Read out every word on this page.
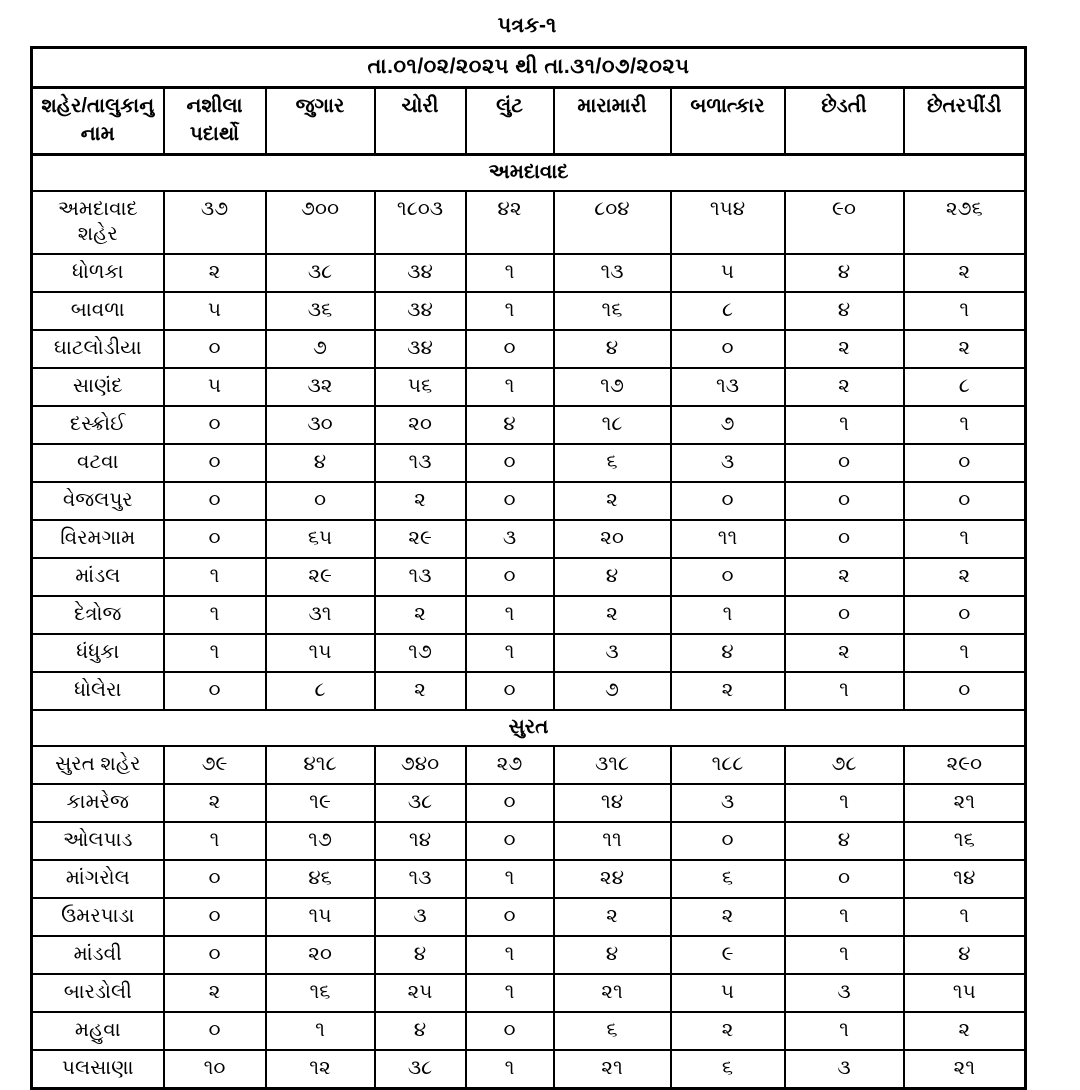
પત્રક-૧
તા.૦૧/૦૨/૨૦૨૫ થી તા.૩૧/૦૭/૨૦૨૫								
શહેર/તાલુકાનુ નામ	નશીલા પદાર્થો	જુગાર	ચોરી	લુંટ	મારામારી	બળાત્કાર	છેડતી	છેતરપીંડી
અમદાવાદ								
અમદાવાદ શહેર	૩૭	૭૦૦	૧૮૦૩	૪૨	૮૦૪	૧૫૪	૯૦	૨૭૬
ધોળકા	૨	૩૮	૩૪	૧	૧૩	૫	૪	૨
બાવળા	૫	૩૬	૩૪	૧	૧૬	૮	૪	૧
ઘાટલોડીયા	૦	૭	૩૪	૦	૪	૦	૨	૨
સાણંદ	૫	૩૨	૫૬	૧	૧૭	૧૩	૨	૮
દસ્ક્રોઈ	૦	૩૦	૨૦	૪	૧૮	૭	૧	૧
વટવા	૦	૪	૧૩	૦	૬	૩	૦	૦
વેજલપુર	૦	૦	૨	૦	૨	૦	૦	૦
વિરમગામ	૦	૬૫	૨૯	૩	૨૦	૧૧	૦	૧
માંડલ	૧	૨૯	૧૩	૦	૪	૦	૨	૨
દેત્રોજ	૧	૩૧	૨	૧	૨	૧	૦	૦
ધંધુકા	૧	૧૫	૧૭	૧	૩	૪	૨	૧
ધોલેરા	૦	૮	૨	૦	૭	૨	૧	૦
સુરત								
સુરત શહેર	૭૯	૪૧૮	૭૪૦	૨૭	૩૧૮	૧૮૮	૭૮	૨૯૦
કામરેજ	૨	૧૯	૩૮	૦	૧૪	૩	૧	૨૧
ઓલપાડ	૧	૧૭	૧૪	૦	૧૧	૦	૪	૧૬
માંગરોલ	૦	૪૬	૧૩	૧	૨૪	૬	૦	૧૪
ઉમરપાડા	૦	૧૫	૩	૦	૨	૨	૧	૧
માંડવી	૦	૨૦	૪	૧	૪	૯	૧	૪
બારડોલી	૨	૧૬	૨૫	૧	૨૧	૫	૩	૧૫
મહુવા	૦	૧	૪	૦	૬	૨	૧	૨
પલસાણા	૧૦	૧૨	૩૮	૧	૨૧	૬	૩	૨૧
